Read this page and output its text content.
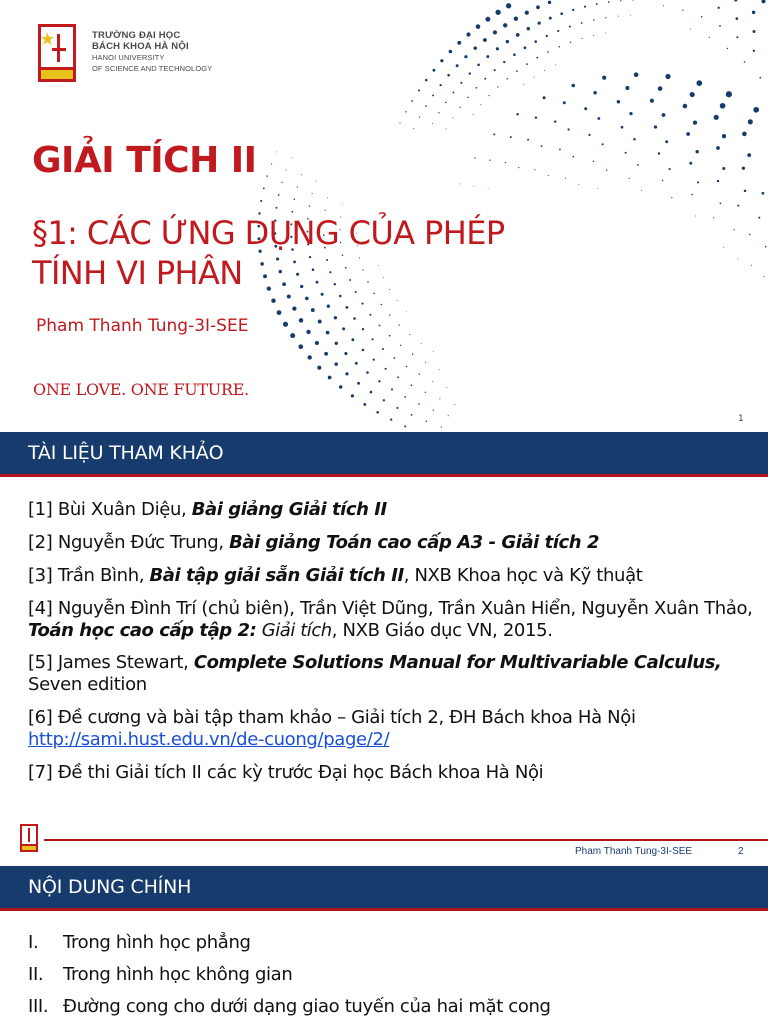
TRƯỜNG ĐẠI HỌC
BÁCH KHOA HÀ NỘI
HANOI UNIVERSITY
OF SCIENCE AND TECHNOLOGY
GIẢI TÍCH II
§1: CÁC ỨNG DỤNG CỦA PHÉP
TÍNH VI PHÂN
Pham Thanh Tung-3I-SEE
ONE LOVE. ONE FUTURE.
1
TÀI LIỆU THAM KHẢO
[1] Bùi Xuân Diệu, Bài giảng Giải tích II
[2] Nguyễn Đức Trung, Bài giảng Toán cao cấp A3 - Giải tích 2
[3] Trần Bình, Bài tập giải sẵn Giải tích II, NXB Khoa học và Kỹ thuật
[4] Nguyễn Đình Trí (chủ biên), Trần Việt Dũng, Trần Xuân Hiển, Nguyễn Xuân Thảo, Toán học cao cấp tập 2: Giải tích, NXB Giáo dục VN, 2015.
[5] James Stewart, Complete Solutions Manual for Multivariable Calculus, Seven edition
[6] Đề cương và bài tập tham khảo – Giải tích 2, ĐH Bách khoa Hà Nội
http://sami.hust.edu.vn/de-cuong/page/2/
[7] Đề thi Giải tích II các kỳ trước Đại học Bách khoa Hà Nội
Pham Thanh Tung-3I-SEE	2
NỘI DUNG CHÍNH
I.	Trong hình học phẳng
II.	Trong hình học không gian
III. Đường cong cho dưới dạng giao tuyến của hai mặt cong
